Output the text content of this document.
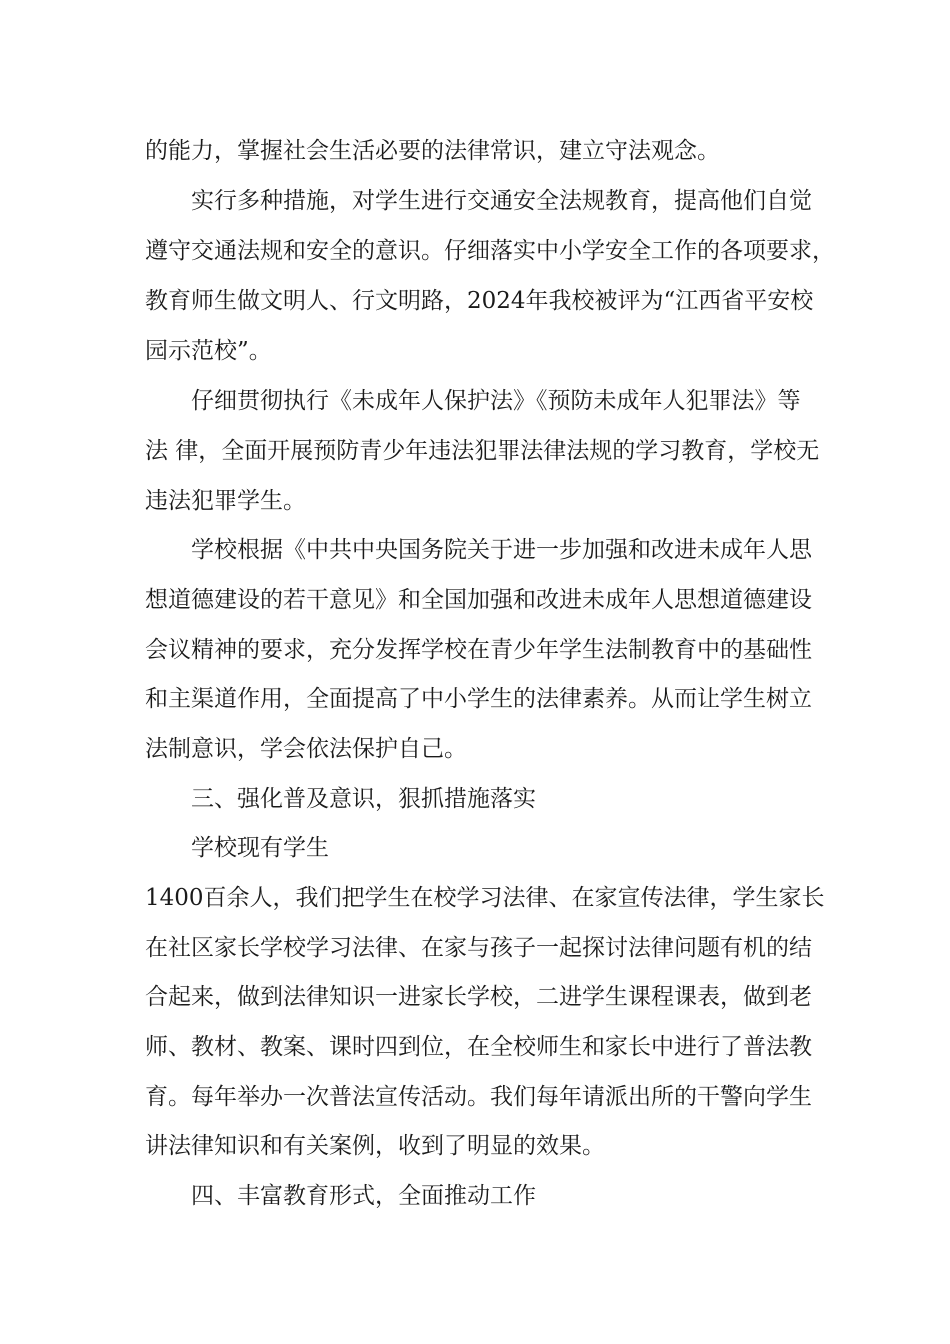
的能力，掌握社会生活必要的法律常识，建立守法观念。
实行多种措施，对学生进行交通安全法规教育，提高他们自觉
遵守交通法规和安全的意识。仔细落实中小学安全工作的各项要求，
教育师生做文明人、行文明路，2024年我校被评为“江西省平安校
园示范校”。
仔细贯彻执行《未成年人保护法》《预防未成年人犯罪法》等
法 律，全面开展预防青少年违法犯罪法律法规的学习教育，学校无
违法犯罪学生。
学校根据《中共中央国务院关于进一步加强和改进未成年人思
想道德建设的若干意见》和全国加强和改进未成年人思想道德建设
会议精神的要求，充分发挥学校在青少年学生法制教育中的基础性
和主渠道作用，全面提高了中小学生的法律素养。从而让学生树立
法制意识，学会依法保护自己。
三、强化普及意识，狠抓措施落实
学校现有学生
1400百余人，我们把学生在校学习法律、在家宣传法律，学生家长
在社区家长学校学习法律、在家与孩子一起探讨法律问题有机的结
合起来，做到法律知识一进家长学校，二进学生课程课表，做到老
师、教材、教案、课时四到位，在全校师生和家长中进行了普法教
育。每年举办一次普法宣传活动。我们每年请派出所的干警向学生
讲法律知识和有关案例，收到了明显的效果。
四、丰富教育形式，全面推动工作
